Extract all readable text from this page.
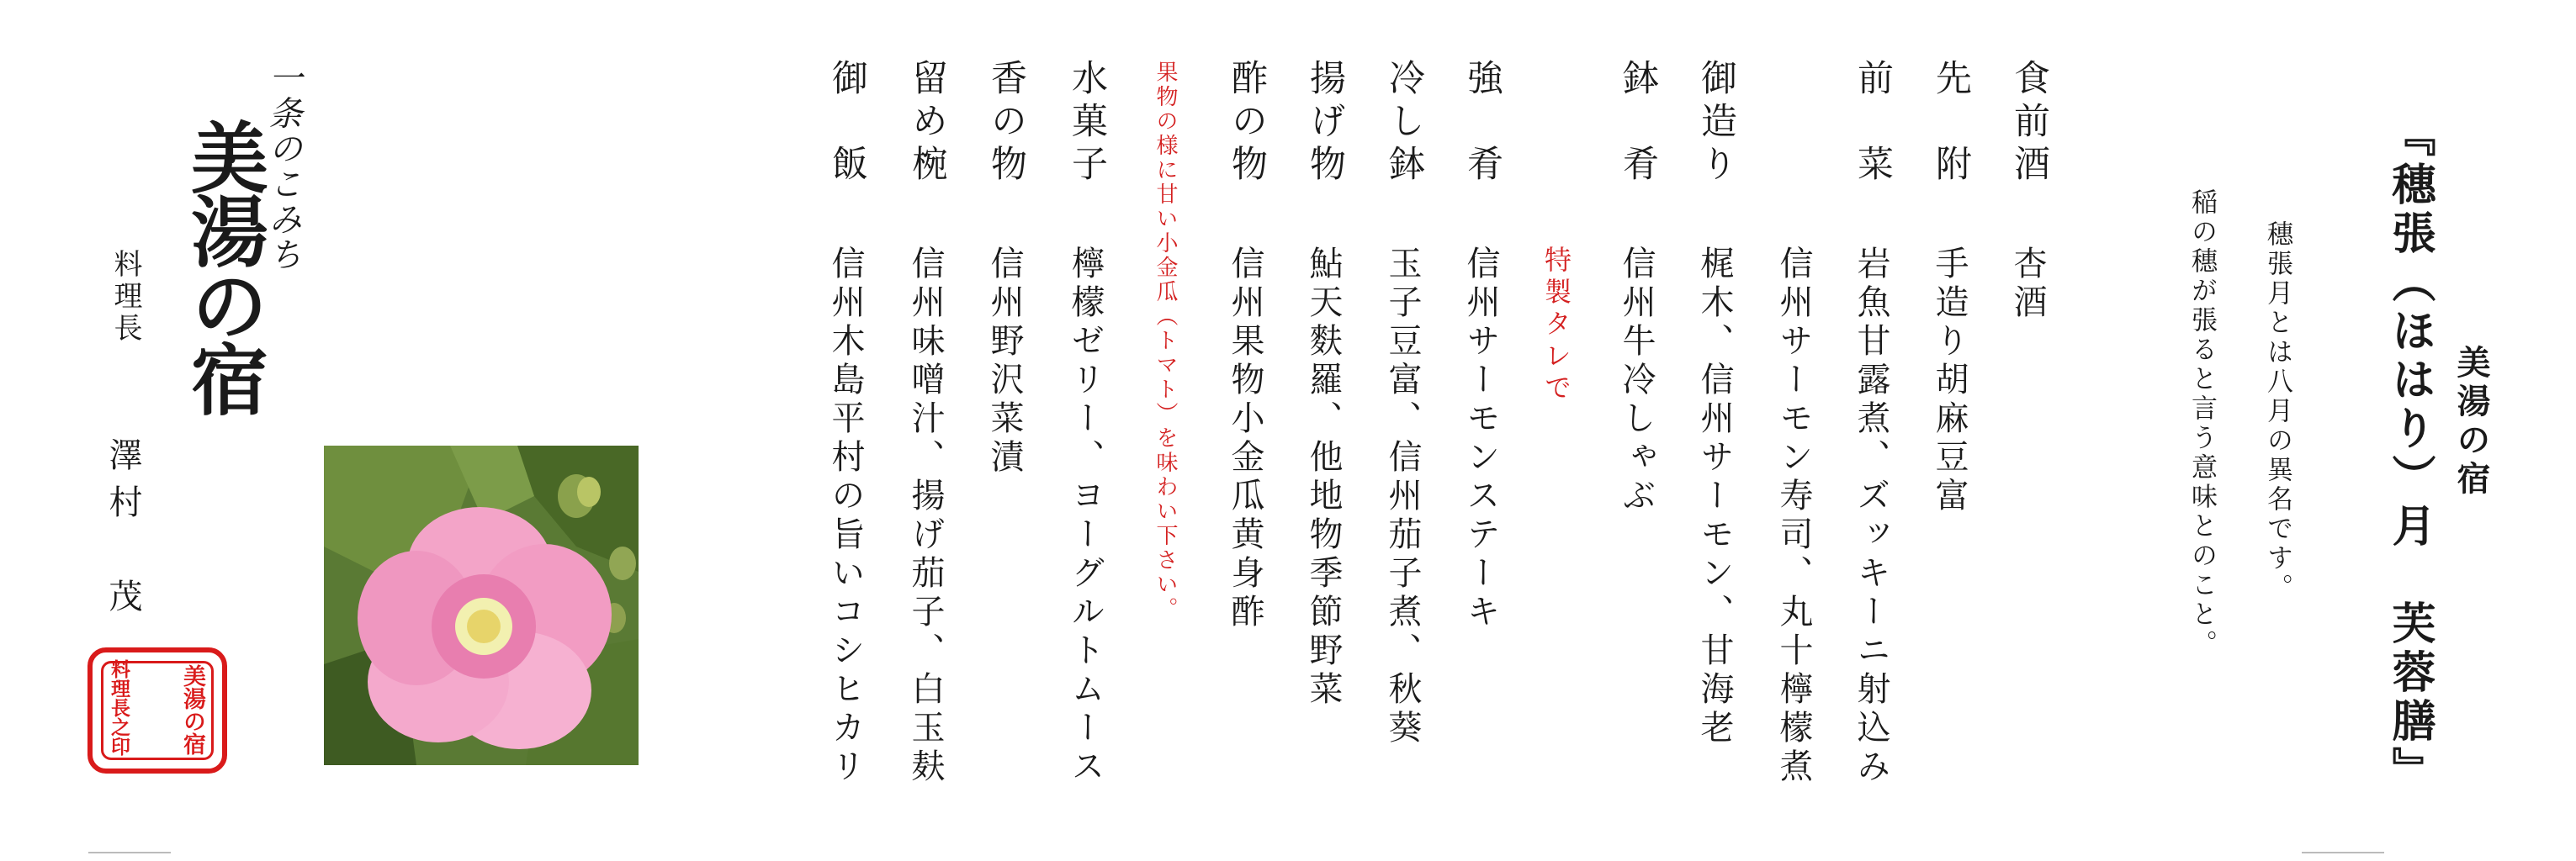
『穗張（ほはり）月　芙蓉膳』 美湯の宿
穗張月とは八月の異名です。
稲の穗が張ると言う意味とのこと。
食前酒
杏酒
先　附
手造り胡麻豆富
前　菜
岩魚甘露煮、ズッキーニ射込み
信州サーモン寿司、丸十檸檬煮
御造り
梶木、信州サーモン、甘海老
鉢　肴
信州牛冷しゃぶ
特製タレで
強　肴
信州サーモンステーキ
冷し鉢
玉子豆富、信州茄子煮、秋葵
揚げ物
鮎天麩羅、他地物季節野菜
酢の物
信州果物小金瓜黄身酢
果物の様に甘い小金瓜（トマト）を味わい下さい。
水菓子
檸檬ゼリー、ヨーグルトムース
香の物
信州野沢菜漬
留め椀
信州味噌汁、揚げ茄子、白玉麸
御　飯
信州木島平村の旨いコシヒカリ
一条のこみち
美湯の宿
料理長
澤村　茂
美湯の宿
料理長之印
